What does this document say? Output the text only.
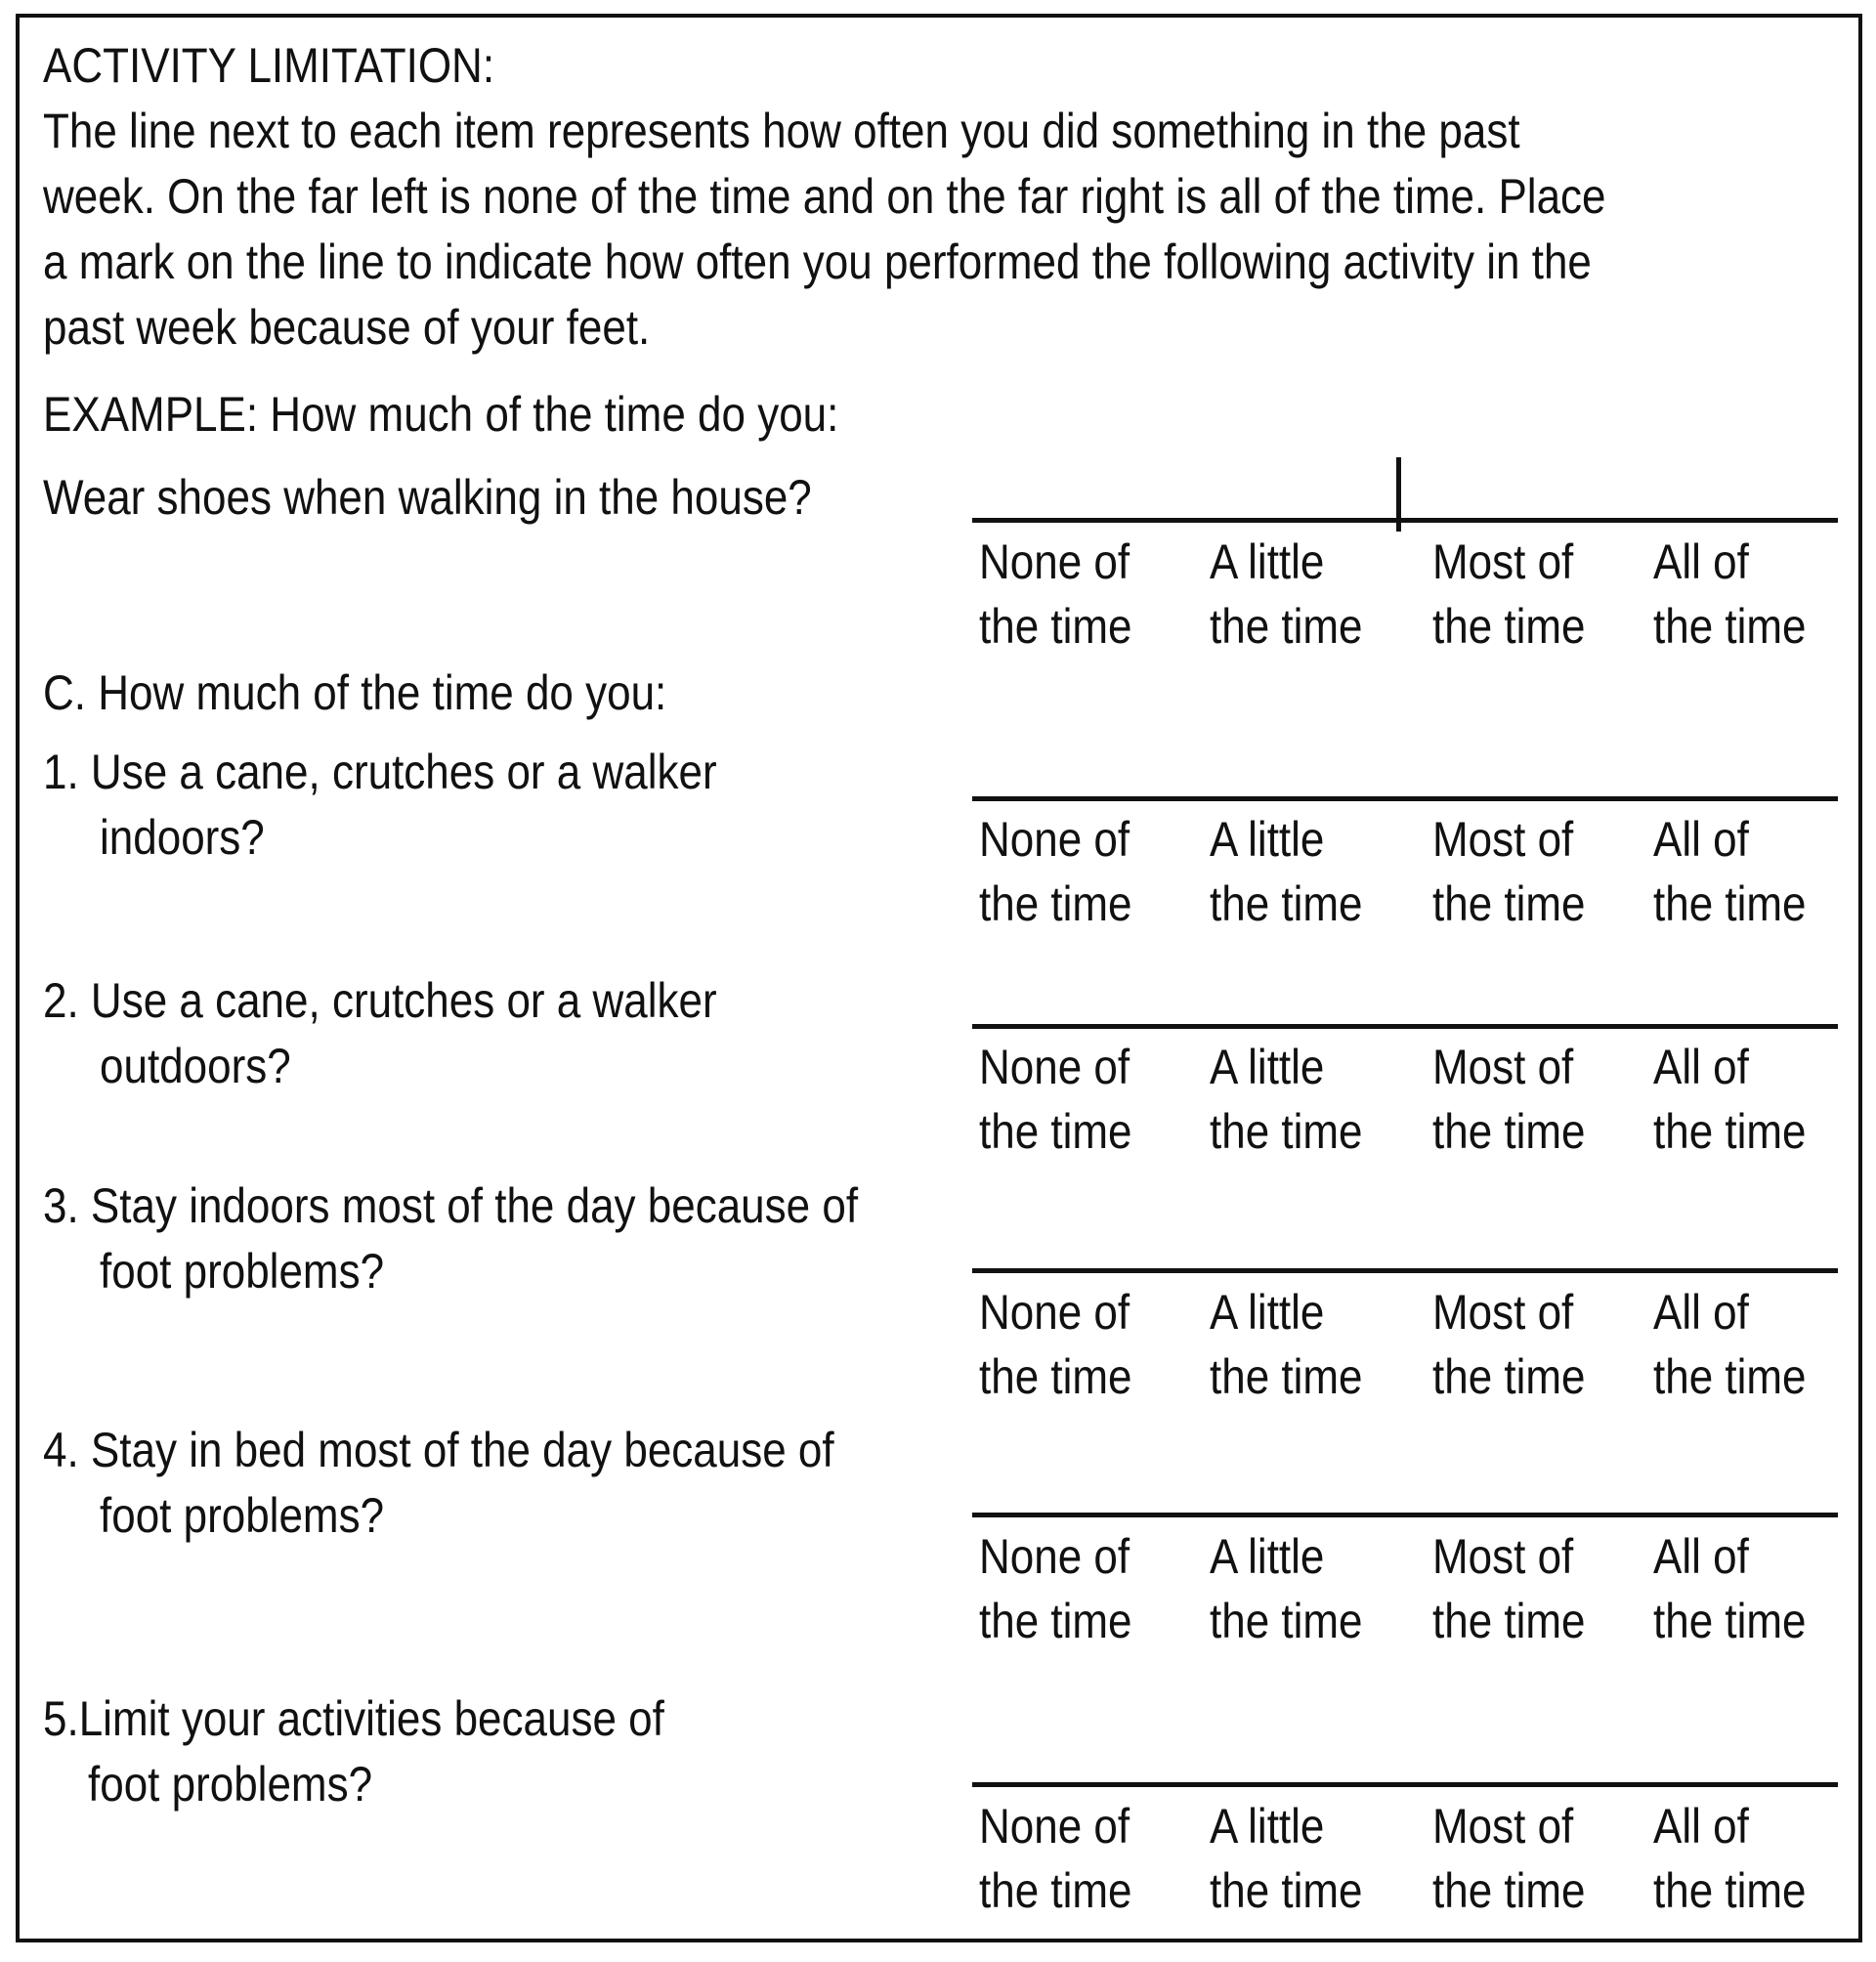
ACTIVITY LIMITATION:

The line next to each item represents how often you did something in the past

week. On the far left is none of the time and on the far right is all of the time. Place

a mark on the line to indicate how often you performed the following activity in the

past week because of your feet.

EXAMPLE: How much of the time do you:
Wear shoes when walking in the house?
None of
the time
A little
the time
Most of
the time
All of
the time
C. How much of the time do you:
1. Use a cane, crutches or a walker
indoors?	None of
the time
A little
the time
Most of
the time
All of
the time
2. Use a cane, crutches or a walker
outdoors?	None of
the time
A little
the time
Most of
the time
All of
the time
3. Stay indoors most of the day because of
foot problems?
None of
the time
A little
the time
Most of
the time
All of
the time
4. Stay in bed most of the day because of
foot problems?
None of
the time
A little
the time
Most of
the time
All of
the time
5.Limit your activities because of
foot problems?
None of
the time
A little
the time
Most of
the time
All of
the time
